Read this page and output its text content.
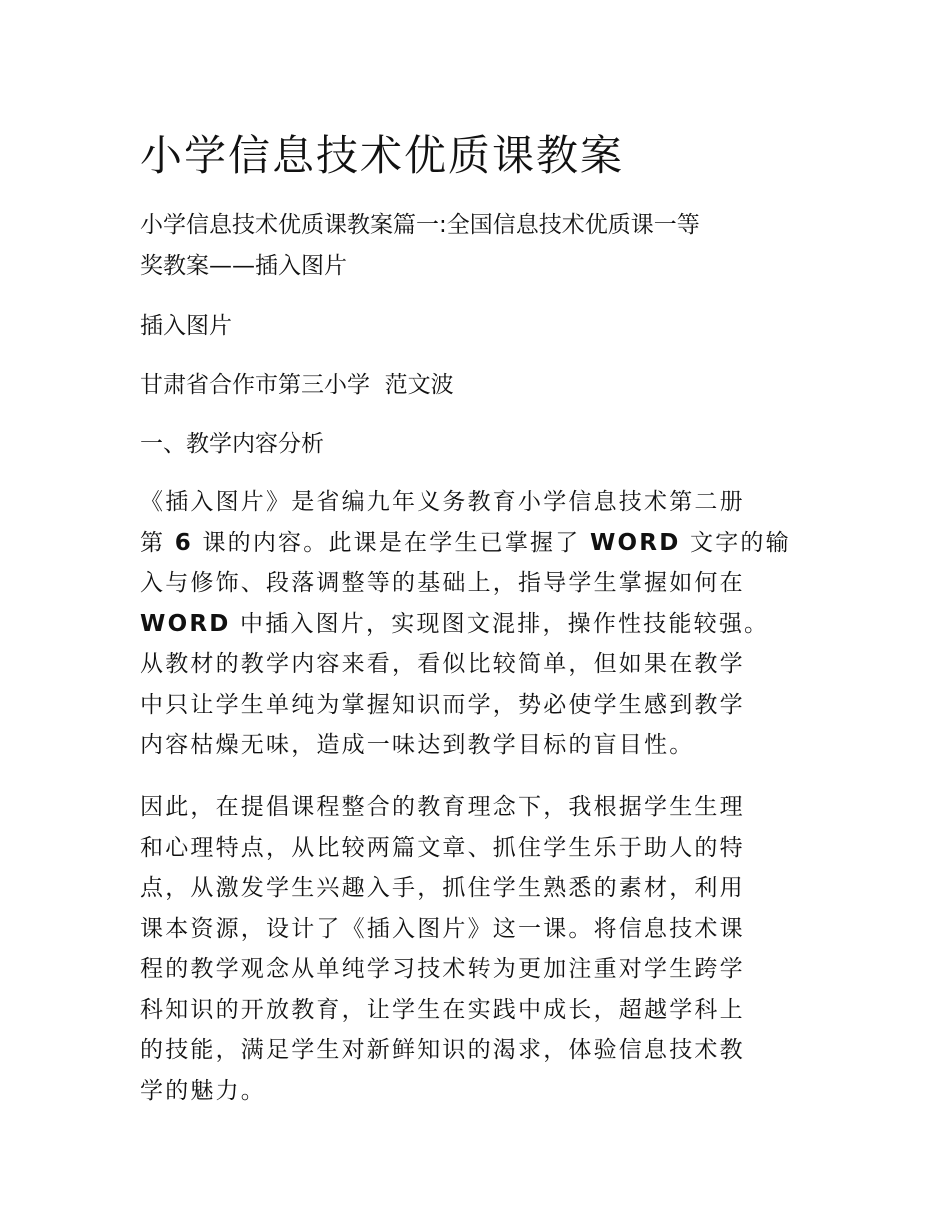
小学信息技术优质课教案
小学信息技术优质课教案篇一:全国信息技术优质课一等
奖教案——插入图片
插入图片
甘肃省合作市第三小学  范文波
一、教学内容分析
《插入图片》是省编九年义务教育小学信息技术第二册
第 6 课的内容。此课是在学生已掌握了 WORD 文字的输
入与修饰、段落调整等的基础上，指导学生掌握如何在
WORD 中插入图片，实现图文混排，操作性技能较强。
从教材的教学内容来看，看似比较简单，但如果在教学
中只让学生单纯为掌握知识而学，势必使学生感到教学
内容枯燥无味，造成一味达到教学目标的盲目性。
因此，在提倡课程整合的教育理念下，我根据学生生理
和心理特点，从比较两篇文章、抓住学生乐于助人的特
点，从激发学生兴趣入手，抓住学生熟悉的素材，利用
课本资源，设计了《插入图片》这一课。将信息技术课
程的教学观念从单纯学习技术转为更加注重对学生跨学
科知识的开放教育，让学生在实践中成长，超越学科上
的技能，满足学生对新鲜知识的渴求，体验信息技术教
学的魅力。
